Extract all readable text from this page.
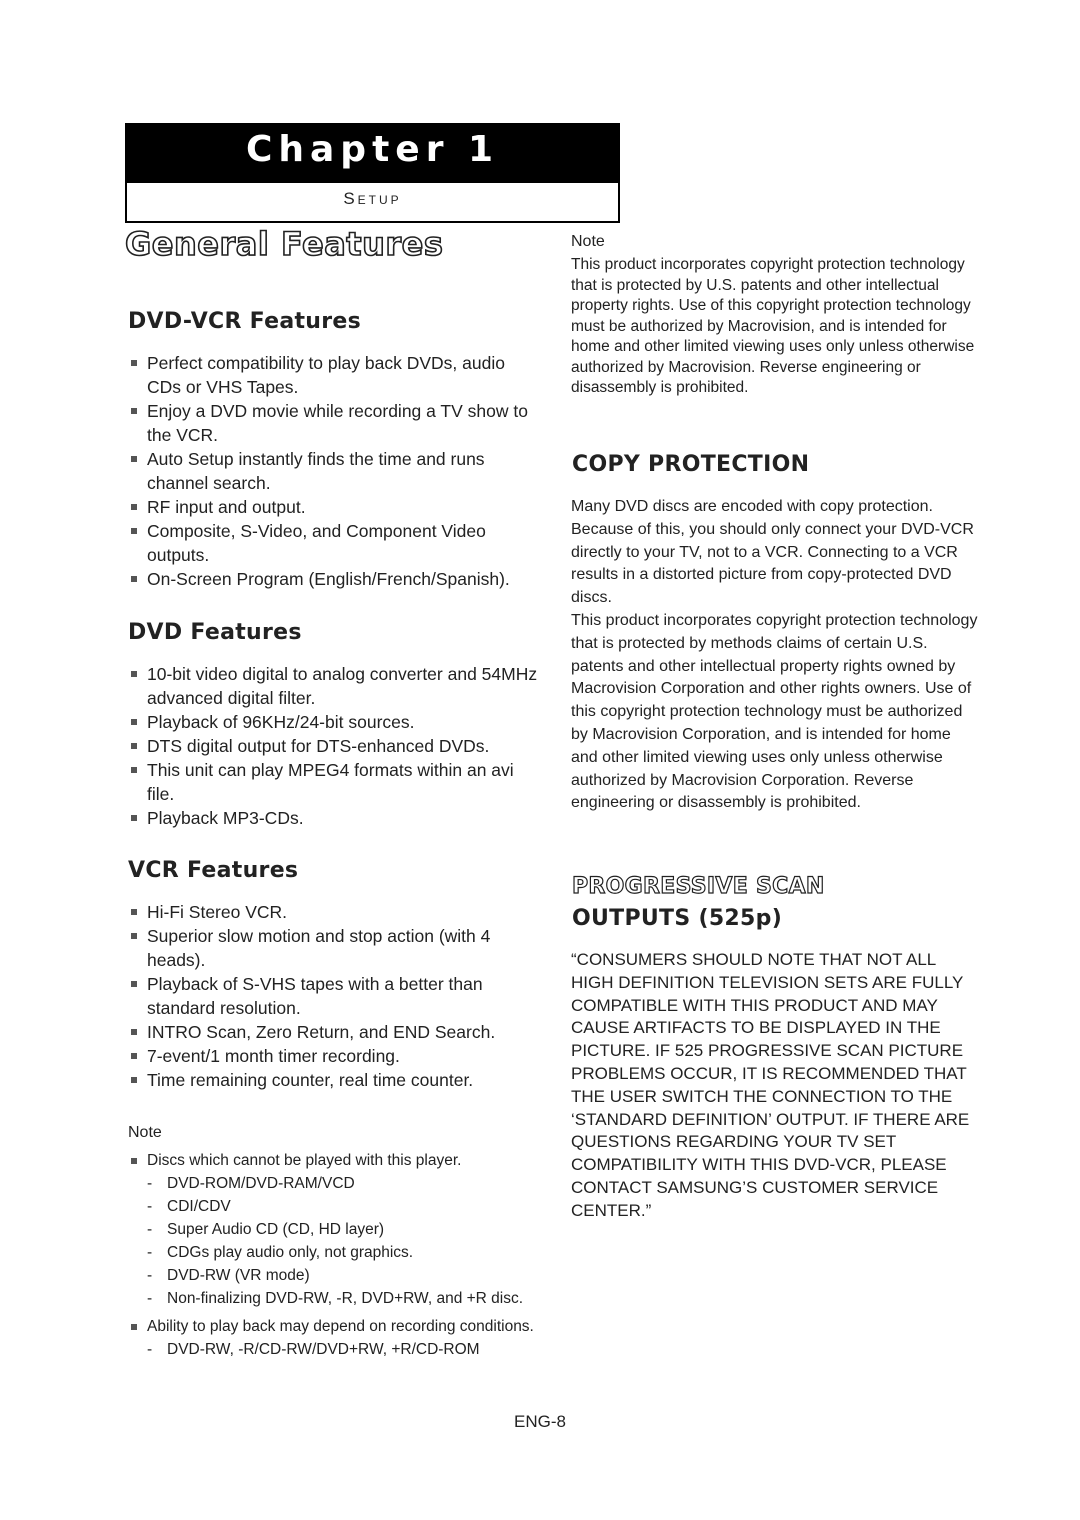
Chapter 1
Setup
General Features
DVD-VCR Features
Perfect compatibility to play back DVDs, audio CDs or VHS Tapes.
Enjoy a DVD movie while recording a TV show to the VCR.
Auto Setup instantly finds the time and runs channel search.
RF input and output.
Composite, S-Video, and Component Video outputs.
On-Screen Program (English/French/Spanish).
DVD Features
10-bit video digital to analog converter and 54MHz advanced digital filter.
Playback of 96KHz/24-bit sources.
DTS digital output for DTS-enhanced DVDs.
This unit can play MPEG4 formats within an avi file.
Playback MP3-CDs.
VCR Features
Hi-Fi Stereo VCR.
Superior slow motion and stop action (with 4 heads).
Playback of S-VHS tapes with a better than standard resolution.
INTRO Scan, Zero Return, and END Search.
7-event/1 month timer recording.
Time remaining counter, real time counter.

Note

Discs which cannot be played with this player.
- DVD-ROM/DVD-RAM/VCD
- CDI/CDV
- Super Audio CD (CD, HD layer)
- CDGs play audio only, not graphics.
- DVD-RW (VR mode)
- Non-finalizing DVD-RW, -R, DVD+RW, and +R disc.
Ability to play back may depend on recording conditions.
- DVD-RW, -R/CD-RW/DVD+RW, +R/CD-ROM

Note

This product incorporates copyright protection technology that is protected by U.S. patents and other intellectual property rights. Use of this copyright protection technology must be authorized by Macrovision, and is intended for home and other limited viewing uses only unless otherwise authorized by Macrovision. Reverse engineering or disassembly is prohibited.

COPY PROTECTION

Many DVD discs are encoded with copy protection. Because of this, you should only connect your DVD-VCR directly to your TV, not to a VCR. Connecting to a VCR results in a distorted picture from copy-protected DVD discs.

This product incorporates copyright protection technology that is protected by methods claims of certain U.S. patents and other intellectual property rights owned by Macrovision Corporation and other rights owners. Use of this copyright protection technology must be authorized by Macrovision Corporation, and is intended for home and other limited viewing uses only unless otherwise authorized by Macrovision Corporation. Reverse engineering or disassembly is prohibited.

PROGRESSIVE SCAN
OUTPUTS (525p)

“CONSUMERS SHOULD NOTE THAT NOT ALL HIGH DEFINITION TELEVISION SETS ARE FULLY COMPATIBLE WITH THIS PRODUCT AND MAY CAUSE ARTIFACTS TO BE DISPLAYED IN THE PICTURE. IF 525 PROGRESSIVE SCAN PICTURE PROBLEMS OCCUR, IT IS RECOMMENDED THAT THE USER SWITCH THE CONNECTION TO THE ‘STANDARD DEFINITION’ OUTPUT. IF THERE ARE QUESTIONS REGARDING YOUR TV SET COMPATIBILITY WITH THIS DVD-VCR, PLEASE CONTACT SAMSUNG’S CUSTOMER SERVICE CENTER.”

ENG-8
